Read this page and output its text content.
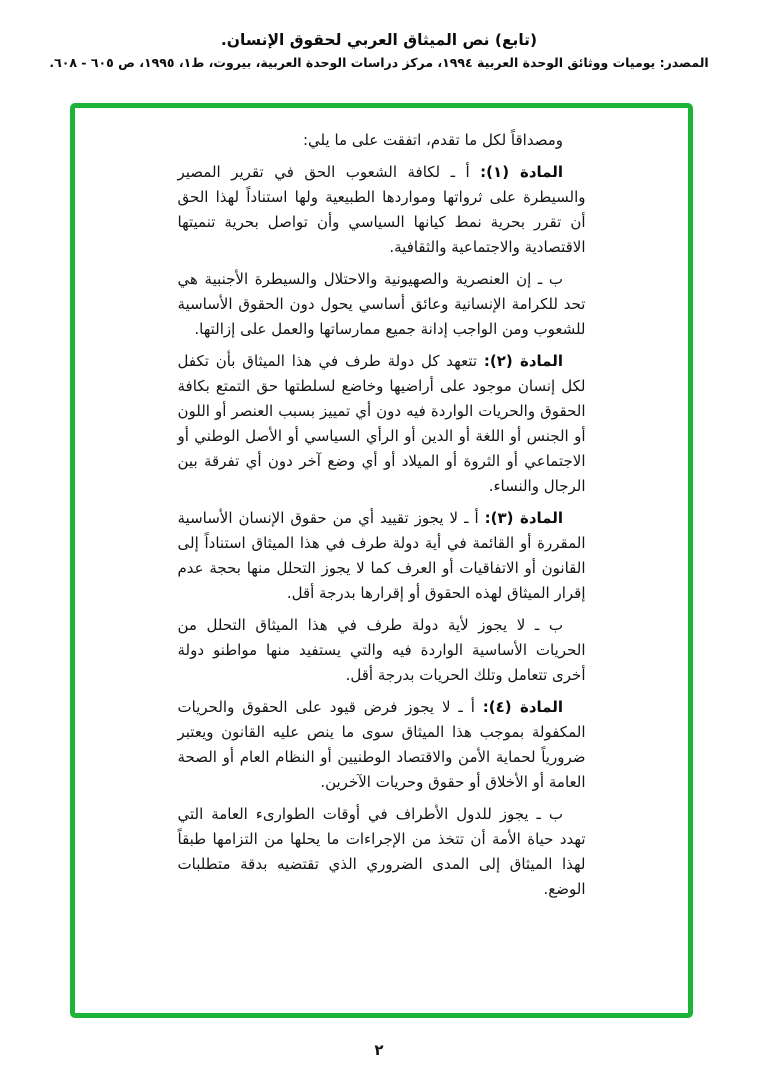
(تابع) نص الميثاق العربي لحقوق الإنسان.
المصدر: يوميات ووثائق الوحدة العربية ١٩٩٤، مركز دراسات الوحدة العربية، بيروت، ط١، ١٩٩٥، ص ٦٠٥ - ٦٠٨.

ومصداقاً لكل ما تقدم، اتفقت على ما يلي:

المادة (١): أ ـ لكافة الشعوب الحق في تقرير المصير والسيطرة على ثرواتها ومواردها الطبيعية ولها استناداً لهذا الحق أن تقرر بحرية نمط كيانها السياسي وأن تواصل بحرية تنميتها الاقتصادية والاجتماعية والثقافية.

ب ـ إن العنصرية والصهيونية والاحتلال والسيطرة الأجنبية هي تحد للكرامة الإنسانية وعائق أساسي يحول دون الحقوق الأساسية للشعوب ومن الواجب إدانة جميع ممارساتها والعمل على إزالتها.

المادة (٢): تتعهد كل دولة طرف في هذا الميثاق بأن تكفل لكل إنسان موجود على أراضيها وخاضع لسلطتها حق التمتع بكافة الحقوق والحريات الواردة فيه دون أي تمييز بسبب العنصر أو اللون أو الجنس أو اللغة أو الدين أو الرأي السياسي أو الأصل الوطني أو الاجتماعي أو الثروة أو الميلاد أو أي وضع آخر دون أي تفرقة بين الرجال والنساء.

المادة (٣): أ ـ لا يجوز تقييد أي من حقوق الإنسان الأساسية المقررة أو القائمة في أية دولة طرف في هذا الميثاق استناداً إلى القانون أو الاتفاقيات أو العرف كما لا يجوز التحلل منها بحجة عدم إقرار الميثاق لهذه الحقوق أو إقرارها بدرجة أقل.

ب ـ لا يجوز لأية دولة طرف في هذا الميثاق التحلل من الحريات الأساسية الواردة فيه والتي يستفيد منها مواطنو دولة أخرى تتعامل وتلك الحريات بدرجة أقل.

المادة (٤): أ ـ لا يجوز فرض قيود على الحقوق والحريات المكفولة بموجب هذا الميثاق سوى ما ينص عليه القانون ويعتبر ضرورياً لحماية الأمن والاقتصاد الوطنيين أو النظام العام أو الصحة العامة أو الأخلاق أو حقوق وحريات الآخرين.

ب ـ يجوز للدول الأطراف في أوقات الطوارىء العامة التي تهدد حياة الأمة أن تتخذ من الإجراءات ما يحلها من التزامها طبقاً لهذا الميثاق إلى المدى الضروري الذي تقتضيه بدقة متطلبات الوضع.

٢
